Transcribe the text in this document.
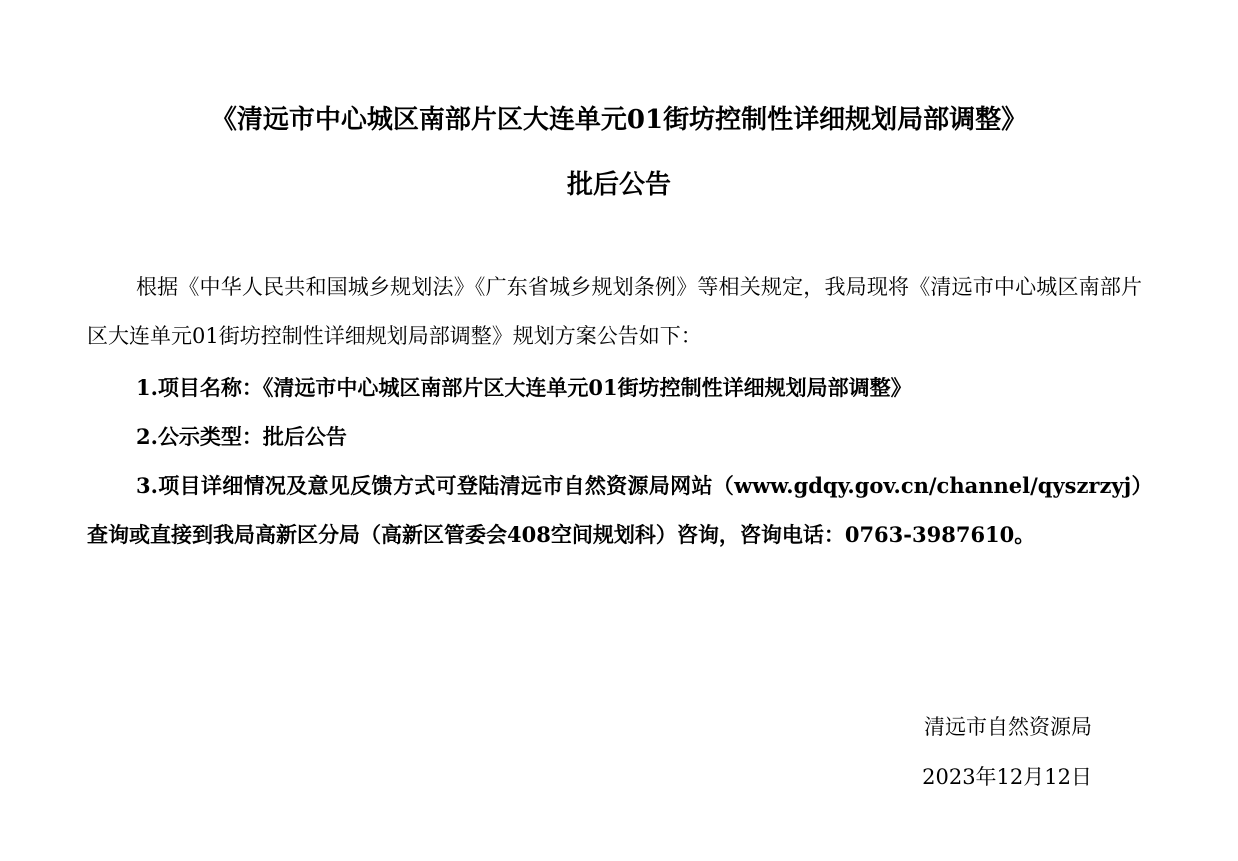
《清远市中心城区南部片区大连单元01街坊控制性详细规划局部调整》
批后公告

根据《中华人民共和国城乡规划法》《广东省城乡规划条例》等相关规定，我局现将《清远市中心城区南部片区大连单元01街坊控制性详细规划局部调整》规划方案公告如下：

1.项目名称：《清远市中心城区南部片区大连单元01街坊控制性详细规划局部调整》

2.公示类型：批后公告

3.项目详细情况及意见反馈方式可登陆清远市自然资源局网站（www.gdqy.gov.cn/channel/qyszrzyj）查询或直接到我局高新区分局（高新区管委会408空间规划科）咨询，咨询电话：0763-3987610。

清远市自然资源局
2023年12月12日
